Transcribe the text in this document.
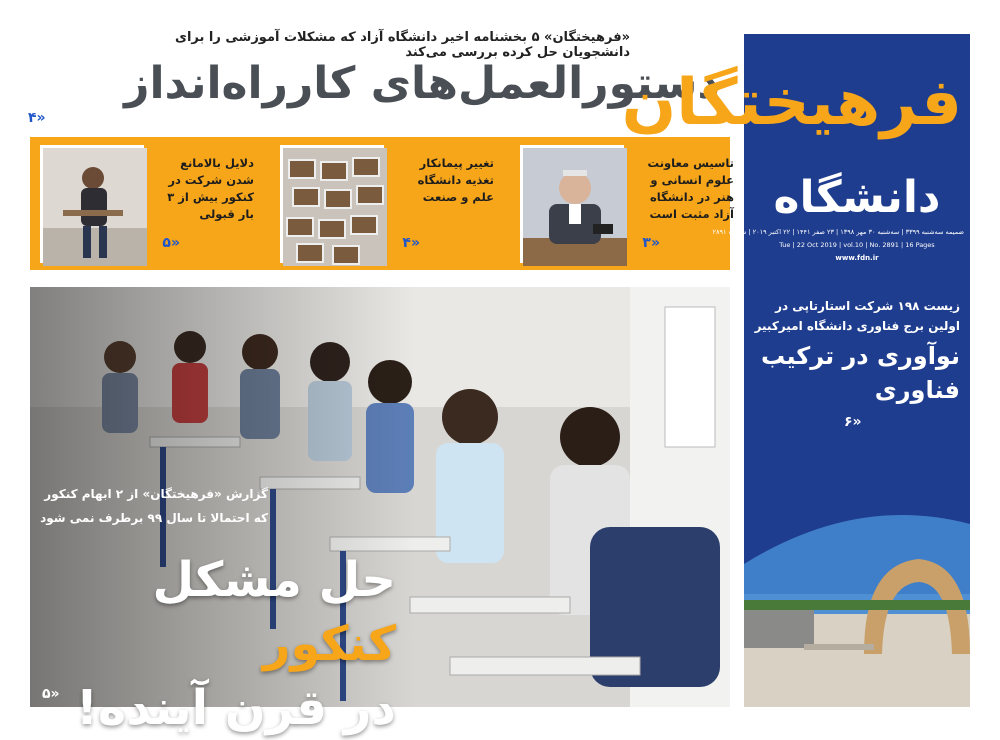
«فرهیختگان» ۵ بخشنامه اخیر دانشگاه آزاد که مشکلات آموزشی را برای دانشجویان حل کرده بررسی می‌کند
دستورالعمل‌های کارراه‌انداز
۴»
دلایل بالامانع شدن شرکت در کنکور بیش از ۳ بار قبولی
۵»
تغییر پیمانکار تغذیه دانشگاه علم و صنعت
۴»
تاسیس معاونت علوم انسانی و هنر در دانشگاه آزاد مثبت است
۳»
گزارش «فرهیختگان» از ۲ ابهام کنکور
که احتمالا تا سال ۹۹ برطرف نمی شود
حل مشکل کنکور
در قرن آینده!
۵»
فرهیختگان
دانشگاه
ضمیمه سه‌شنبه ۳۳۹۹ | سه‌شنبه ۳۰ مهر ۱۳۹۸ | ۲۳ صفر ۱۴۴۱ | ۲۲ اکتبر ۲۰۱۹ | شماره ۲۸۹۱
Tue | 22 Oct 2019 | vol.10 | No. 2891 | 16 Pages
www.fdn.ir
زیست ۱۹۸ شرکت استارتاپی در اولین برج فناوری دانشگاه امیرکبیر
نوآوری در ترکیب فناوری
۶»
